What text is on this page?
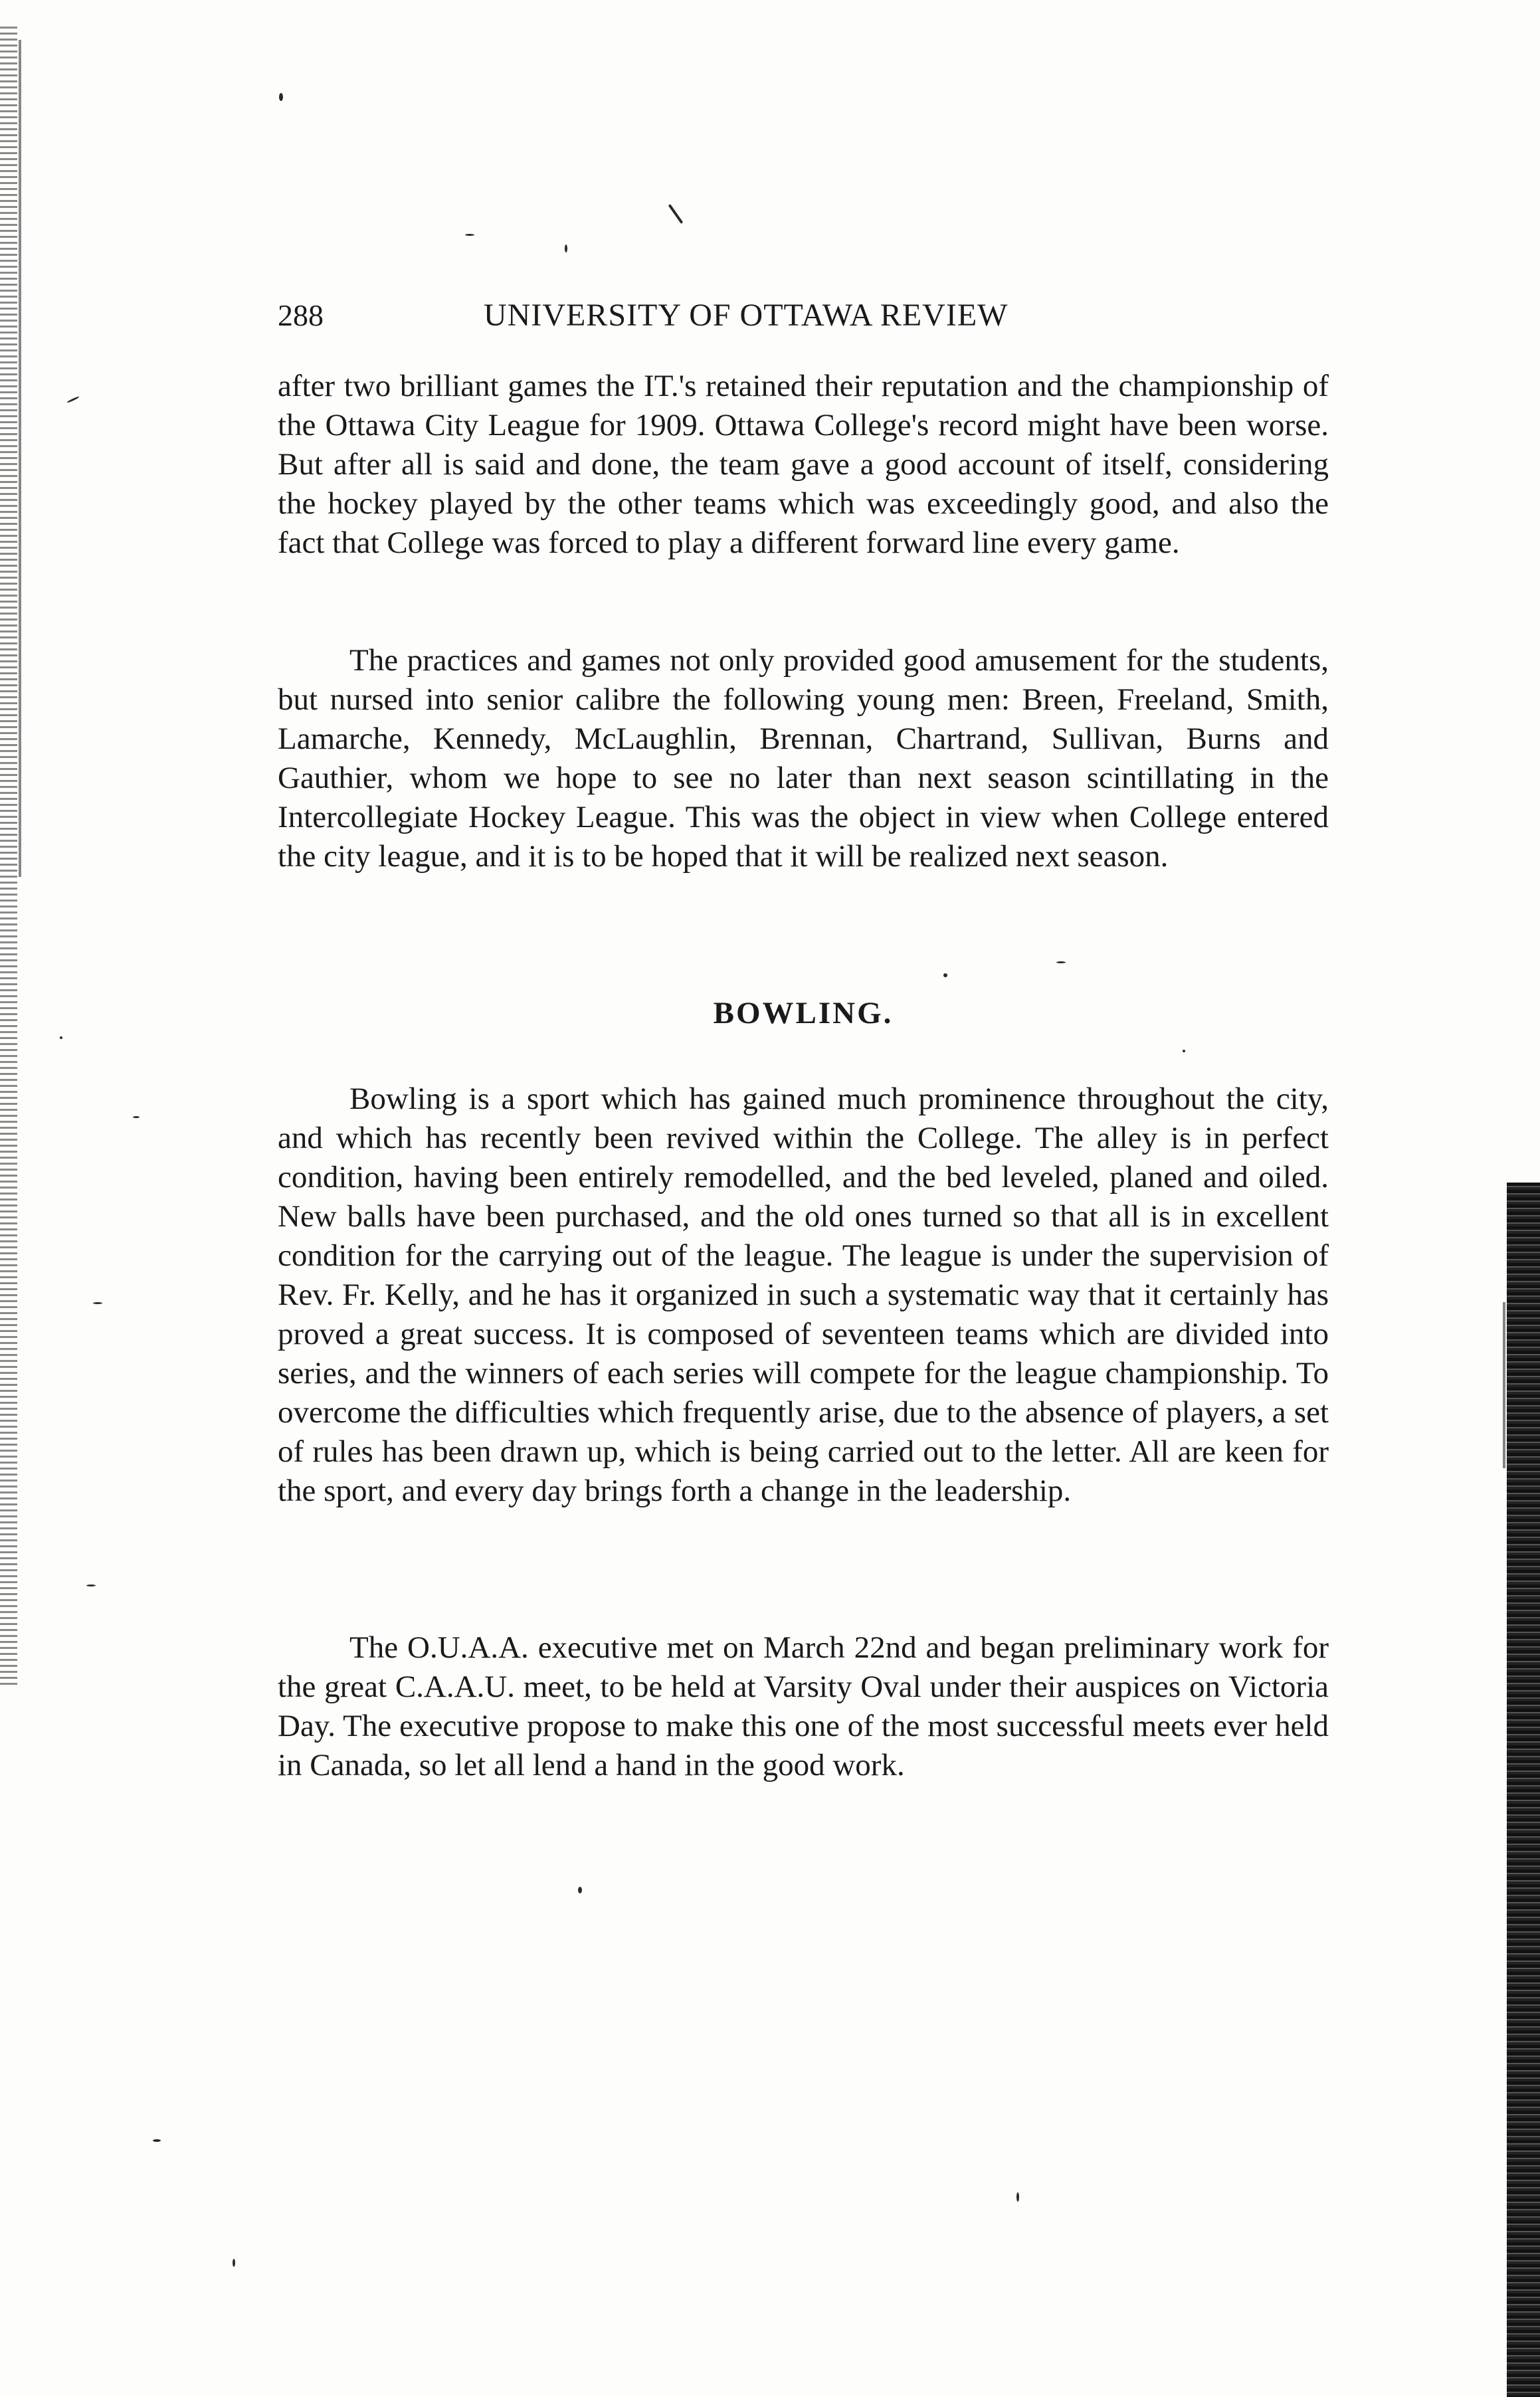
288	UNIVERSITY OF OTTAWA REVIEW

after two brilliant games the IT.'s retained their reputation and the championship of the Ottawa City League for 1909. Ottawa College's record might have been worse. But after all is said and done, the team gave a good account of itself, considering the hockey played by the other teams which was exceedingly good, and also the fact that College was forced to play a different forward line every game.

The practices and games not only provided good amusement for the students, but nursed into senior calibre the following young men: Breen, Freeland, Smith, Lamarche, Kennedy, McLaughlin, Brennan, Chartrand, Sullivan, Burns and Gauthier, whom we hope to see no later than next season scintillating in the Intercollegiate Hockey League. This was the object in view when College entered the city league, and it is to be hoped that it will be realized next season.

BOWLING.

Bowling is a sport which has gained much prominence throughout the city, and which has recently been revived within the College. The alley is in perfect condition, having been entirely remodelled, and the bed leveled, planed and oiled. New balls have been purchased, and the old ones turned so that all is in excellent condition for the carrying out of the league. The league is under the supervision of Rev. Fr. Kelly, and he has it organized in such a systematic way that it certainly has proved a great success. It is composed of seventeen teams which are divided into series, and the winners of each series will compete for the league championship. To overcome the difficulties which frequently arise, due to the absence of players, a set of rules has been drawn up, which is being carried out to the letter. All are keen for the sport, and every day brings forth a change in the leadership.

The O.U.A.A. executive met on March 22nd and began preliminary work for the great C.A.A.U. meet, to be held at Varsity Oval under their auspices on Victoria Day. The executive propose to make this one of the most successful meets ever held in Canada, so let all lend a hand in the good work.
